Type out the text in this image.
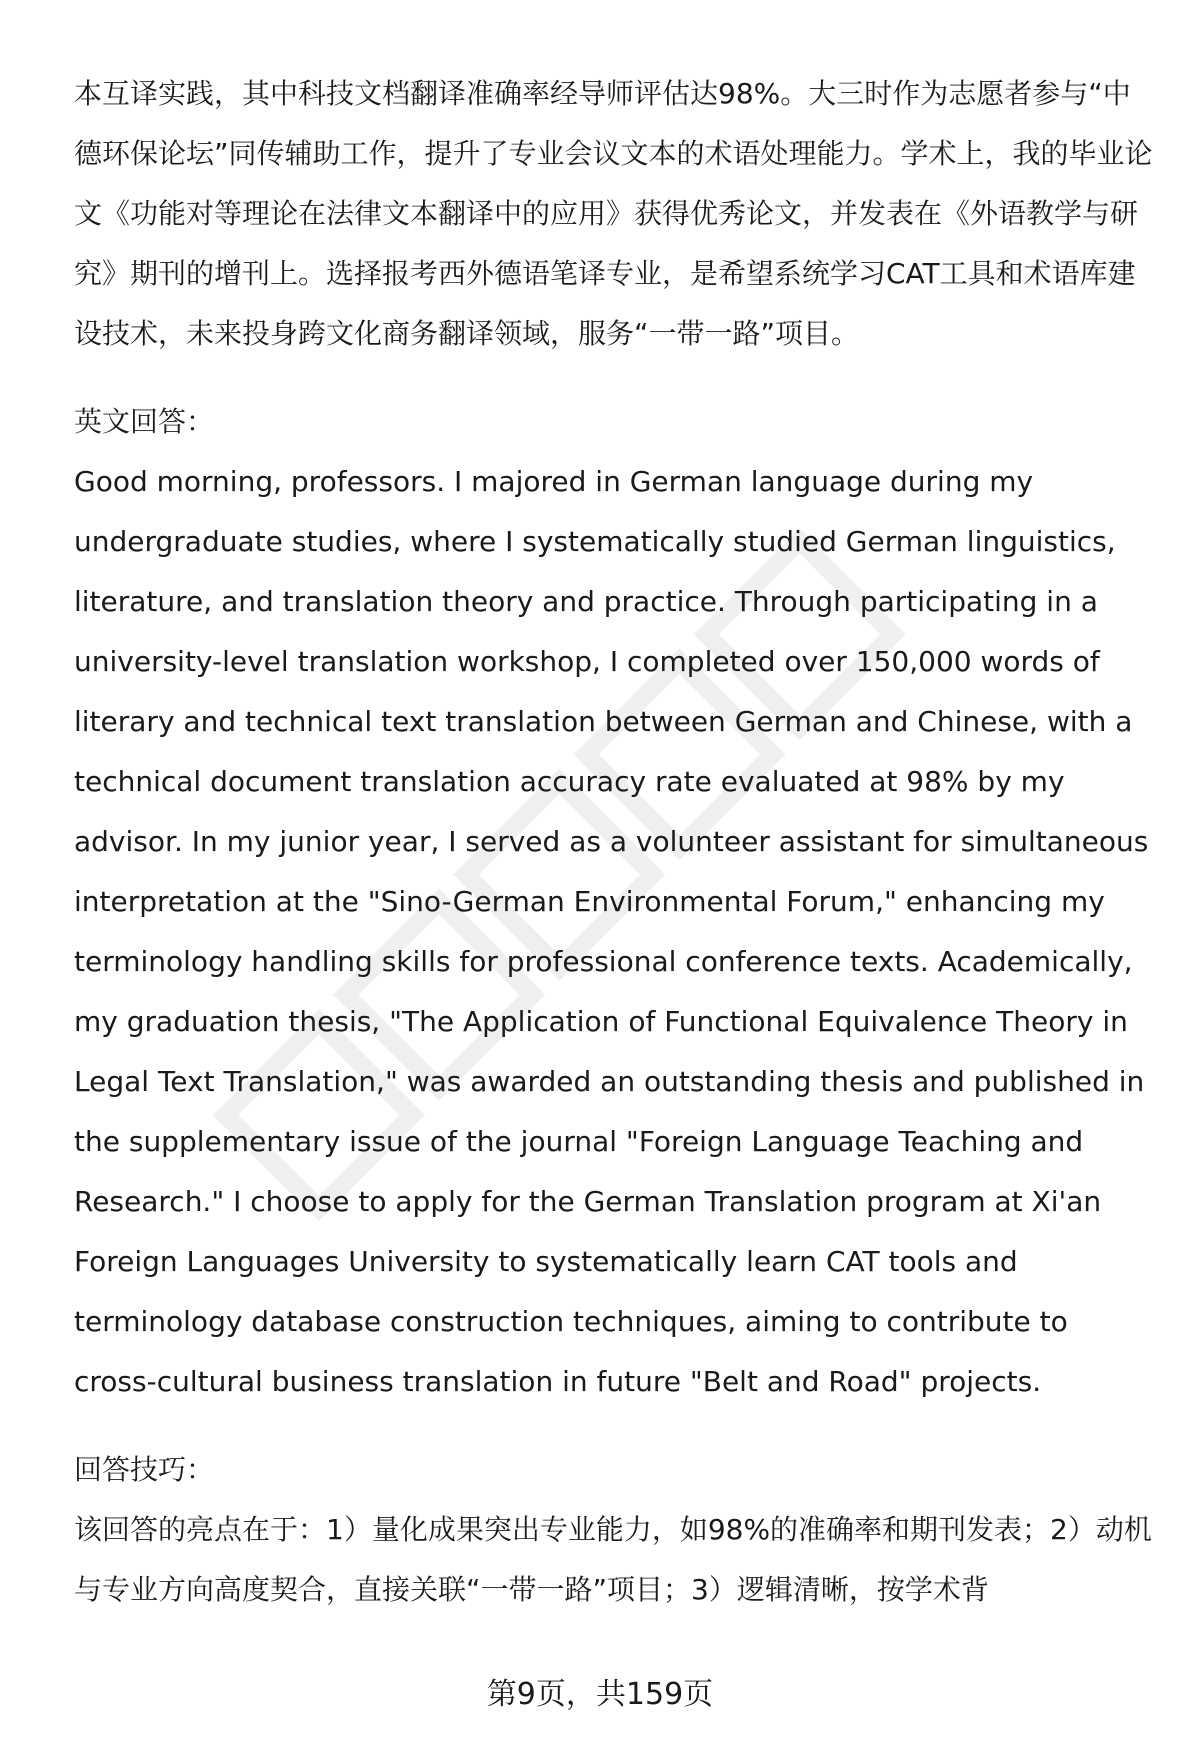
本互译实践，其中科技文档翻译准确率经导师评估达98%。大三时作为志愿者参与“中德环保论坛”同传辅助工作，提升了专业会议文本的术语处理能力。学术上，我的毕业论文《功能对等理论在法律文本翻译中的应用》获得优秀论文，并发表在《外语教学与研究》期刊的增刊上。选择报考西外德语笔译专业，是希望系统学习CAT工具和术语库建设技术，未来投身跨文化商务翻译领域，服务“一带一路”项目。

英文回答：

Good morning, professors. I majored in German language during my undergraduate studies, where I systematically studied German linguistics, literature, and translation theory and practice. Through participating in a university-level translation workshop, I completed over 150,000 words of literary and technical text translation between German and Chinese, with a technical document translation accuracy rate evaluated at 98% by my advisor. In my junior year, I served as a volunteer assistant for simultaneous interpretation at the "Sino-German Environmental Forum," enhancing my terminology handling skills for professional conference texts. Academically, my graduation thesis, "The Application of Functional Equivalence Theory in Legal Text Translation," was awarded an outstanding thesis and published in the supplementary issue of the journal "Foreign Language Teaching and Research." I choose to apply for the German Translation program at Xi'an Foreign Languages University to systematically learn CAT tools and terminology database construction techniques, aiming to contribute to cross-cultural business translation in future "Belt and Road" projects.

回答技巧：

该回答的亮点在于：1）量化成果突出专业能力，如98%的准确率和期刊发表；2）动机与专业方向高度契合，直接关联“一带一路”项目；3）逻辑清晰，按学术背

第9页，共159页
